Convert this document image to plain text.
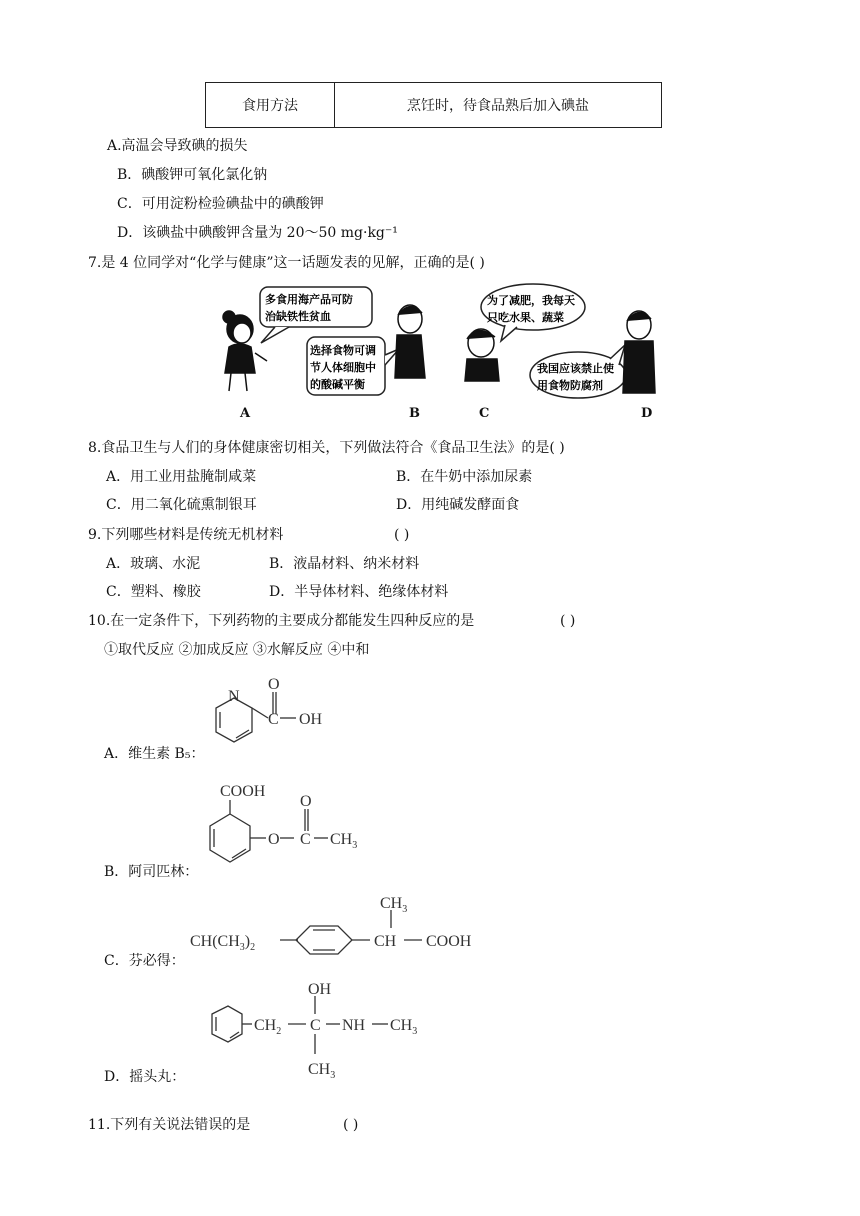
食用方法	烹饪时，待食品熟后加入碘盐
A.高温会导致碘的损失
B．碘酸钾可氧化氯化钠
C．可用淀粉检验碘盐中的碘酸钾
D．该碘盐中碘酸钾含量为 20～50 mg·kg⁻¹
7.是 4 位同学对“化学与健康”这一话题发表的见解，正确的是( )
多食用海产品可防
治缺铁性贫血
选择食物可调
节人体细胞中
的酸碱平衡
为了减肥，我每天
只吃水果、蔬菜
我国应该禁止使
用食物防腐剂
A	B	C	D
8.食品卫生与人们的身体健康密切相关，下列做法符合《食品卫生法》的是( )
A．用工业用盐腌制咸菜	B．在牛奶中添加尿素
C．用二氧化硫熏制银耳	D．用纯碱发酵面食
9.下列哪些材料是传统无机材料	( )
A．玻璃、水泥	B．液晶材料、纳米材料
C．塑料、橡胶	D．半导体材料、绝缘体材料
10.在一定条件下，下列药物的主要成分都能发生四种反应的是	( )
①取代反应 ②加成反应 ③水解反应 ④中和
N
O
C OH
A．维生素 B₅：
COOH
O
O C $CH_3$
B．阿司匹林：
$CH_3$
$CH(CH_3)_2$	CH COOH
C．芬必得：
OH
$CH_2$ C NH $CH_3$
$CH_3$
D．摇头丸：
11.下列有关说法错误的是	( )
